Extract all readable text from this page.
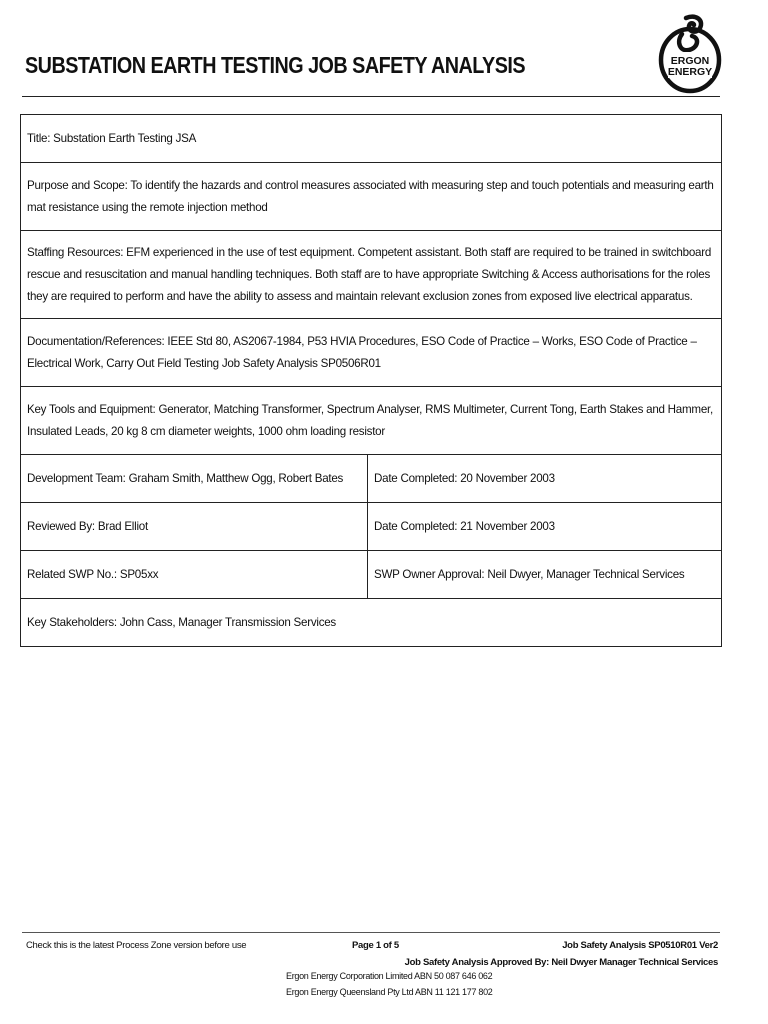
SUBSTATION EARTH TESTING JOB SAFETY ANALYSIS	ERGON
ENERGY
Title: Substation Earth Testing JSA	
Purpose and Scope: To identify the hazards and control measures associated with measuring step and touch potentials and measuring earth mat resistance using the remote injection method	
Staffing Resources: EFM experienced in the use of test equipment. Competent assistant. Both staff are required to be trained in switchboard rescue and resuscitation and manual handling techniques. Both staff are to have appropriate Switching & Access authorisations for the roles they are required to perform and have the ability to assess and maintain relevant exclusion zones from exposed live electrical apparatus.	
Documentation/References: IEEE Std 80, AS2067-1984, P53 HVIA Procedures, ESO Code of Practice – Works, ESO Code of Practice – Electrical Work, Carry Out Field Testing Job Safety Analysis SP0506R01	
Key Tools and Equipment: Generator, Matching Transformer, Spectrum Analyser, RMS Multimeter, Current Tong, Earth Stakes and Hammer, Insulated Leads, 20 kg 8 cm diameter weights, 1000 ohm loading resistor	
Development Team: Graham Smith, Matthew Ogg, Robert Bates	Date Completed: 20 November 2003
Reviewed By: Brad Elliot	Date Completed: 21 November 2003
Related SWP No.: SP05xx	SWP Owner Approval: Neil Dwyer, Manager Technical Services
Key Stakeholders: John Cass, Manager Transmission Services	
Check this is the latest Process Zone version before use	Page 1 of 5	Job Safety Analysis SP0510R01 Ver2
Job Safety Analysis Approved By: Neil Dwyer Manager Technical Services
Ergon Energy Corporation Limited ABN 50 087 646 062
Ergon Energy Queensland Pty Ltd ABN 11 121 177 802
